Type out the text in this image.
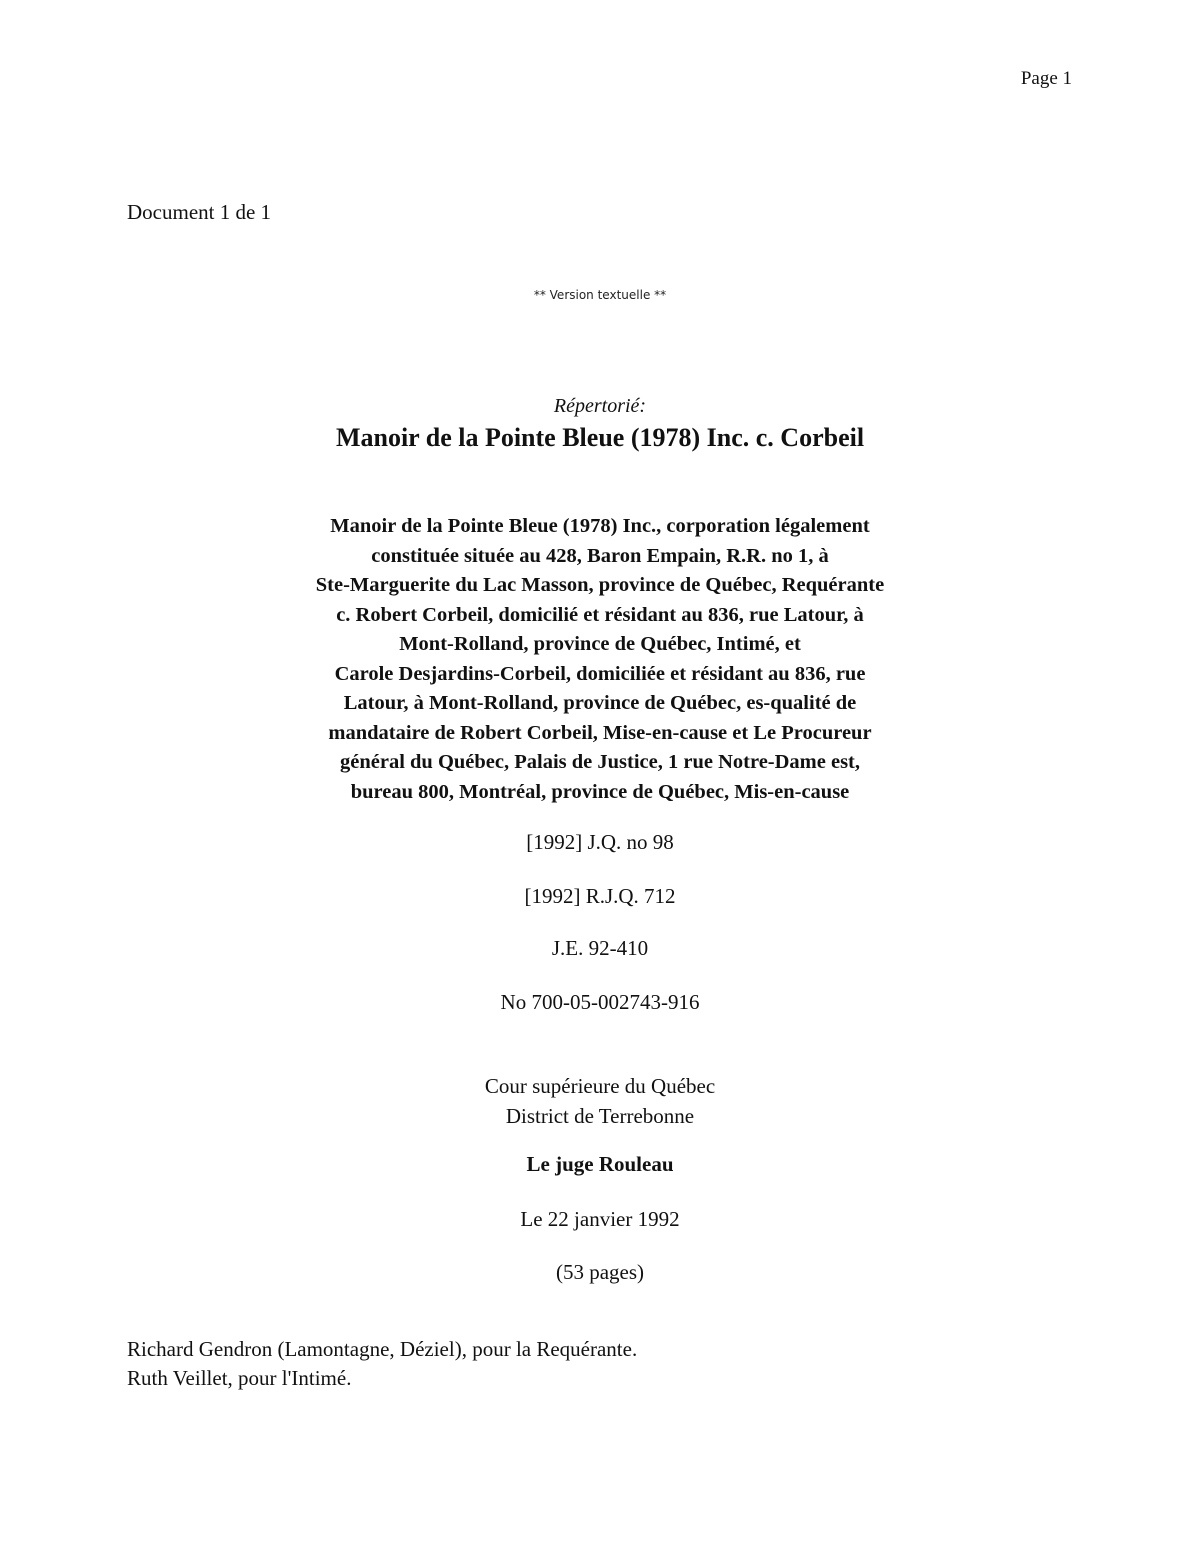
Page 1
Document 1 de 1
** Version textuelle **
Répertorié:
Manoir de la Pointe Bleue (1978) Inc. c. Corbeil
Manoir de la Pointe Bleue (1978) Inc., corporation légalement
constituée située au 428, Baron Empain, R.R. no 1, à
Ste-Marguerite du Lac Masson, province de Québec, Requérante
c. Robert Corbeil, domicilié et résidant au 836, rue Latour, à
Mont-Rolland, province de Québec, Intimé, et
Carole Desjardins-Corbeil, domiciliée et résidant au 836, rue
Latour, à Mont-Rolland, province de Québec, es-qualité de
mandataire de Robert Corbeil, Mise-en-cause et Le Procureur
général du Québec, Palais de Justice, 1 rue Notre-Dame est,
bureau 800, Montréal, province de Québec, Mis-en-cause
[1992] J.Q. no 98
[1992] R.J.Q. 712
J.E. 92-410
No 700-05-002743-916
Cour supérieure du Québec
District de Terrebonne
Le juge Rouleau
Le 22 janvier 1992
(53 pages)
Richard Gendron (Lamontagne, Déziel), pour la Requérante.
Ruth Veillet, pour l'Intimé.
